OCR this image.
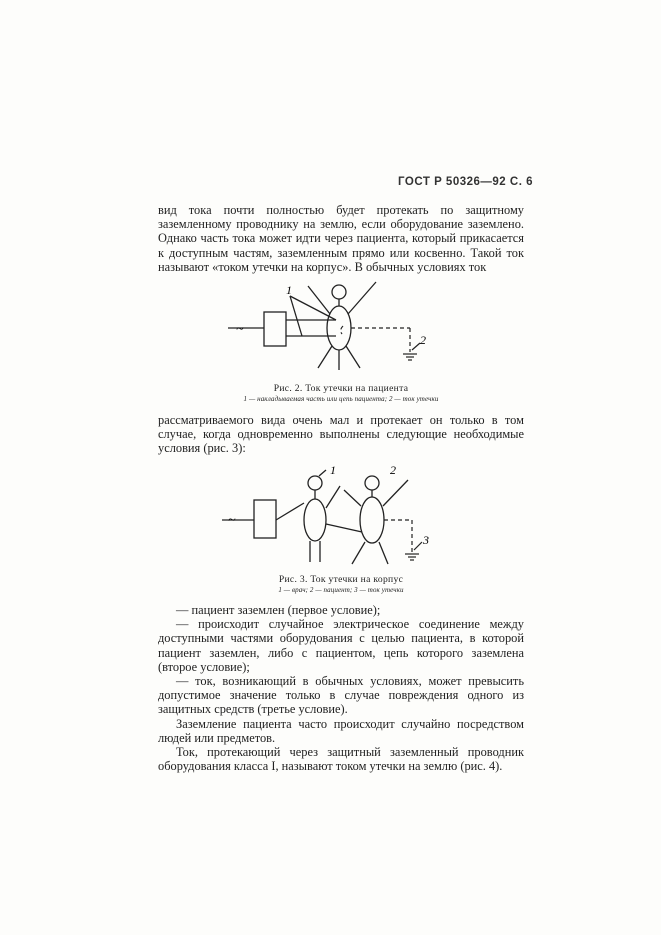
ГОСТ Р 50326—92 С. 6

вид тока почти полностью будет протекать по защитному заземленному проводнику на землю, если оборудование заземлено. Однако часть тока может идти через пациента, который прикасается к доступным частям, заземленным прямо или косвенно. Такой ток называют «током утечки на корпус». В обычных условиях ток

~
1
2
Рис. 2. Ток утечки на пациента
1 — накладываемая часть или цепь пациента; 2 — ток утечки

рассматриваемого вида очень мал и протекает он только в том случае, когда одновременно выполнены следующие необходимые условия (рис. 3):

~
1	2
3
Рис. 3. Ток утечки на корпус
1 — врач; 2 — пациент; 3 — ток утечки

— пациент заземлен (первое условие);

— происходит случайное электрическое соединение между доступными частями оборудования с целью пациента, в которой пациент заземлен, либо с пациентом, цепь которого заземлена (второе условие);

— ток, возникающий в обычных условиях, может превысить допустимое значение только в случае повреждения одного из защитных средств (третье условие).

Заземление пациента часто происходит случайно посредством людей или предметов.

Ток, протекающий через защитный заземленный проводник оборудования класса I, называют током утечки на землю (рис. 4).
